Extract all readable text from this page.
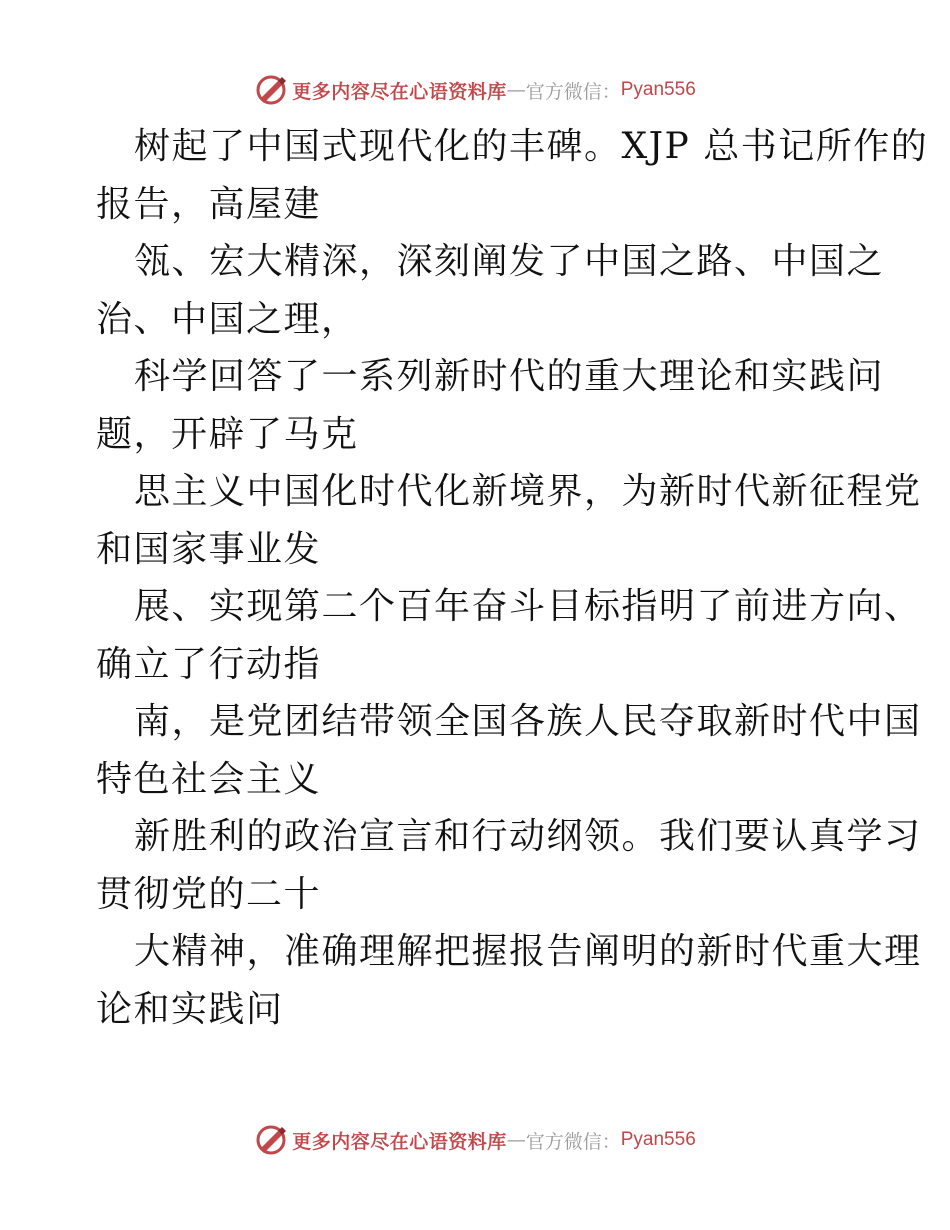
更多内容尽在心语资料库 — 官方微信： Pyan556
树起了中国式现代化的丰碑。XJP 总书记所作的
报告，高屋建
瓴、宏大精深，深刻阐发了中国之路、中国之
治、中国之理，
科学回答了一系列新时代的重大理论和实践问
题，开辟了马克
思主义中国化时代化新境界，为新时代新征程党
和国家事业发
展、实现第二个百年奋斗目标指明了前进方向、
确立了行动指
南，是党团结带领全国各族人民夺取新时代中国
特色社会主义
新胜利的政治宣言和行动纲领。我们要认真学习
贯彻党的二十
大精神，准确理解把握报告阐明的新时代重大理
论和实践问
更多内容尽在心语资料库 — 官方微信： Pyan556
